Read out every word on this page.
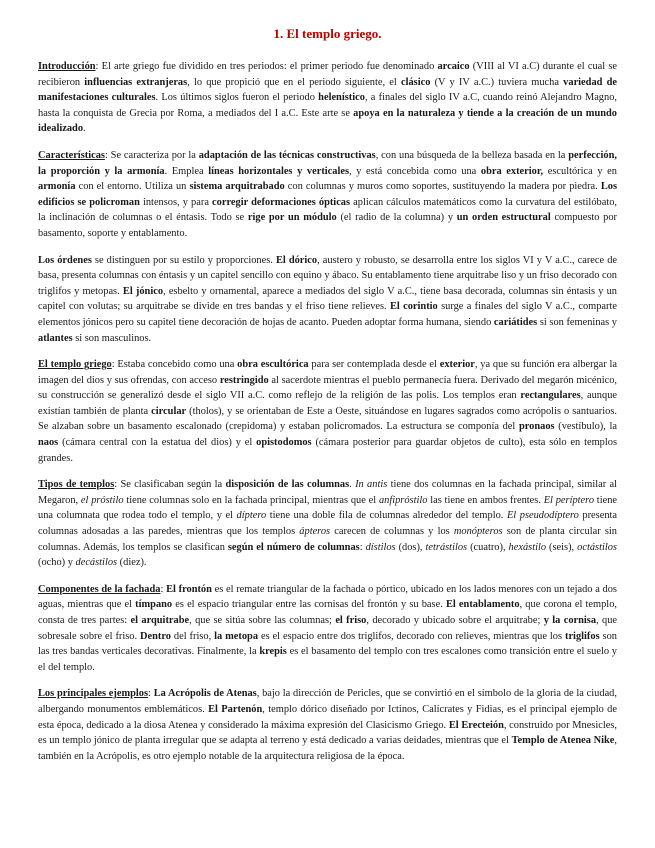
1. El templo griego.

Introducción: El arte griego fue dividido en tres periodos: el primer periodo fue denominado arcaico (VIII al VI a.C) durante el cual se recibieron influencias extranjeras, lo que propició que en el periodo siguiente, el clásico (V y IV a.C.) tuviera mucha variedad de manifestaciones culturales. Los últimos siglos fueron el periodo helenístico, a finales del siglo IV a.C, cuando reinó Alejandro Magno, hasta la conquista de Grecia por Roma, a mediados del I a.C. Este arte se apoya en la naturaleza y tiende a la creación de un mundo idealizado.

Características: Se caracteriza por la adaptación de las técnicas constructivas, con una búsqueda de la belleza basada en la perfección, la proporción y la armonía. Emplea líneas horizontales y verticales, y está concebida como una obra exterior, escultórica y en armonía con el entorno. Utiliza un sistema arquitrabado con columnas y muros como soportes, sustituyendo la madera por piedra. Los edificios se policroman intensos, y para corregir deformaciones ópticas aplican cálculos matemáticos como la curvatura del estilóbato, la inclinación de columnas o el éntasis. Todo se rige por un módulo (el radio de la columna) y un orden estructural compuesto por basamento, soporte y entablamento.

Los órdenes se distinguen por su estilo y proporciones. El dórico, austero y robusto, se desarrolla entre los siglos VI y V a.C., carece de basa, presenta columnas con éntasis y un capitel sencillo con equino y ábaco. Su entablamento tiene arquitrabe liso y un friso decorado con triglifos y metopas. El jónico, esbelto y ornamental, aparece a mediados del siglo V a.C., tiene basa decorada, columnas sin éntasis y un capitel con volutas; su arquitrabe se divide en tres bandas y el friso tiene relieves. El corintio surge a finales del siglo V a.C., comparte elementos jónicos pero su capitel tiene decoración de hojas de acanto. Pueden adoptar forma humana, siendo cariátides si son femeninas y atlantes si son masculinos.

El templo griego: Estaba concebido como una obra escultórica para ser contemplada desde el exterior, ya que su función era albergar la imagen del dios y sus ofrendas, con acceso restringido al sacerdote mientras el pueblo permanecía fuera. Derivado del megarón micénico, su construcción se generalizó desde el siglo VII a.C. como reflejo de la religión de las polis. Los templos eran rectangulares, aunque existían también de planta circular (tholos), y se orientaban de Este a Oeste, situándose en lugares sagrados como acrópolis o santuarios. Se alzaban sobre un basamento escalonado (crepidoma) y estaban policromados. La estructura se componía del pronaos (vestíbulo), la naos (cámara central con la estatua del dios) y el opistodomos (cámara posterior para guardar objetos de culto), esta sólo en templos grandes.

Tipos de templos: Se clasificaban según la disposición de las columnas. In antis tiene dos columnas en la fachada principal, similar al Megaron, el próstilo tiene columnas solo en la fachada principal, mientras que el anfipróstilo las tiene en ambos frentes. El períptero tiene una columnata que rodea todo el templo, y el díptero tiene una doble fila de columnas alrededor del templo. El pseudodíptero presenta columnas adosadas a las paredes, mientras que los templos ápteros carecen de columnas y los monópteros son de planta circular sin columnas. Además, los templos se clasifican según el número de columnas: dístilos (dos), tetrástilos (cuatro), hexástilo (seis), octástilos (ocho) y decástilos (diez).

Componentes de la fachada: El frontón es el remate triangular de la fachada o pórtico, ubicado en los lados menores con un tejado a dos aguas, mientras que el tímpano es el espacio triangular entre las cornisas del frontón y su base. El entablamento, que corona el templo, consta de tres partes: el arquitrabe, que se sitúa sobre las columnas; el friso, decorado y ubicado sobre el arquitrabe; y la cornisa, que sobresale sobre el friso. Dentro del friso, la metopa es el espacio entre dos triglifos, decorado con relieves, mientras que los triglifos son las tres bandas verticales decorativas. Finalmente, la krepis es el basamento del templo con tres escalones como transición entre el suelo y el del templo.

Los principales ejemplos: La Acrópolis de Atenas, bajo la dirección de Pericles, que se convirtió en el símbolo de la gloria de la ciudad, albergando monumentos emblemáticos. El Partenón, templo dórico diseñado por Ictinos, Calícrates y Fidias, es el principal ejemplo de esta época, dedicado a la diosa Atenea y considerado la máxima expresión del Clasicismo Griego. El Erecteión, construido por Mnesicles, es un templo jónico de planta irregular que se adapta al terreno y está dedicado a varias deidades, mientras que el Templo de Atenea Nike, también en la Acrópolis, es otro ejemplo notable de la arquitectura religiosa de la época.
